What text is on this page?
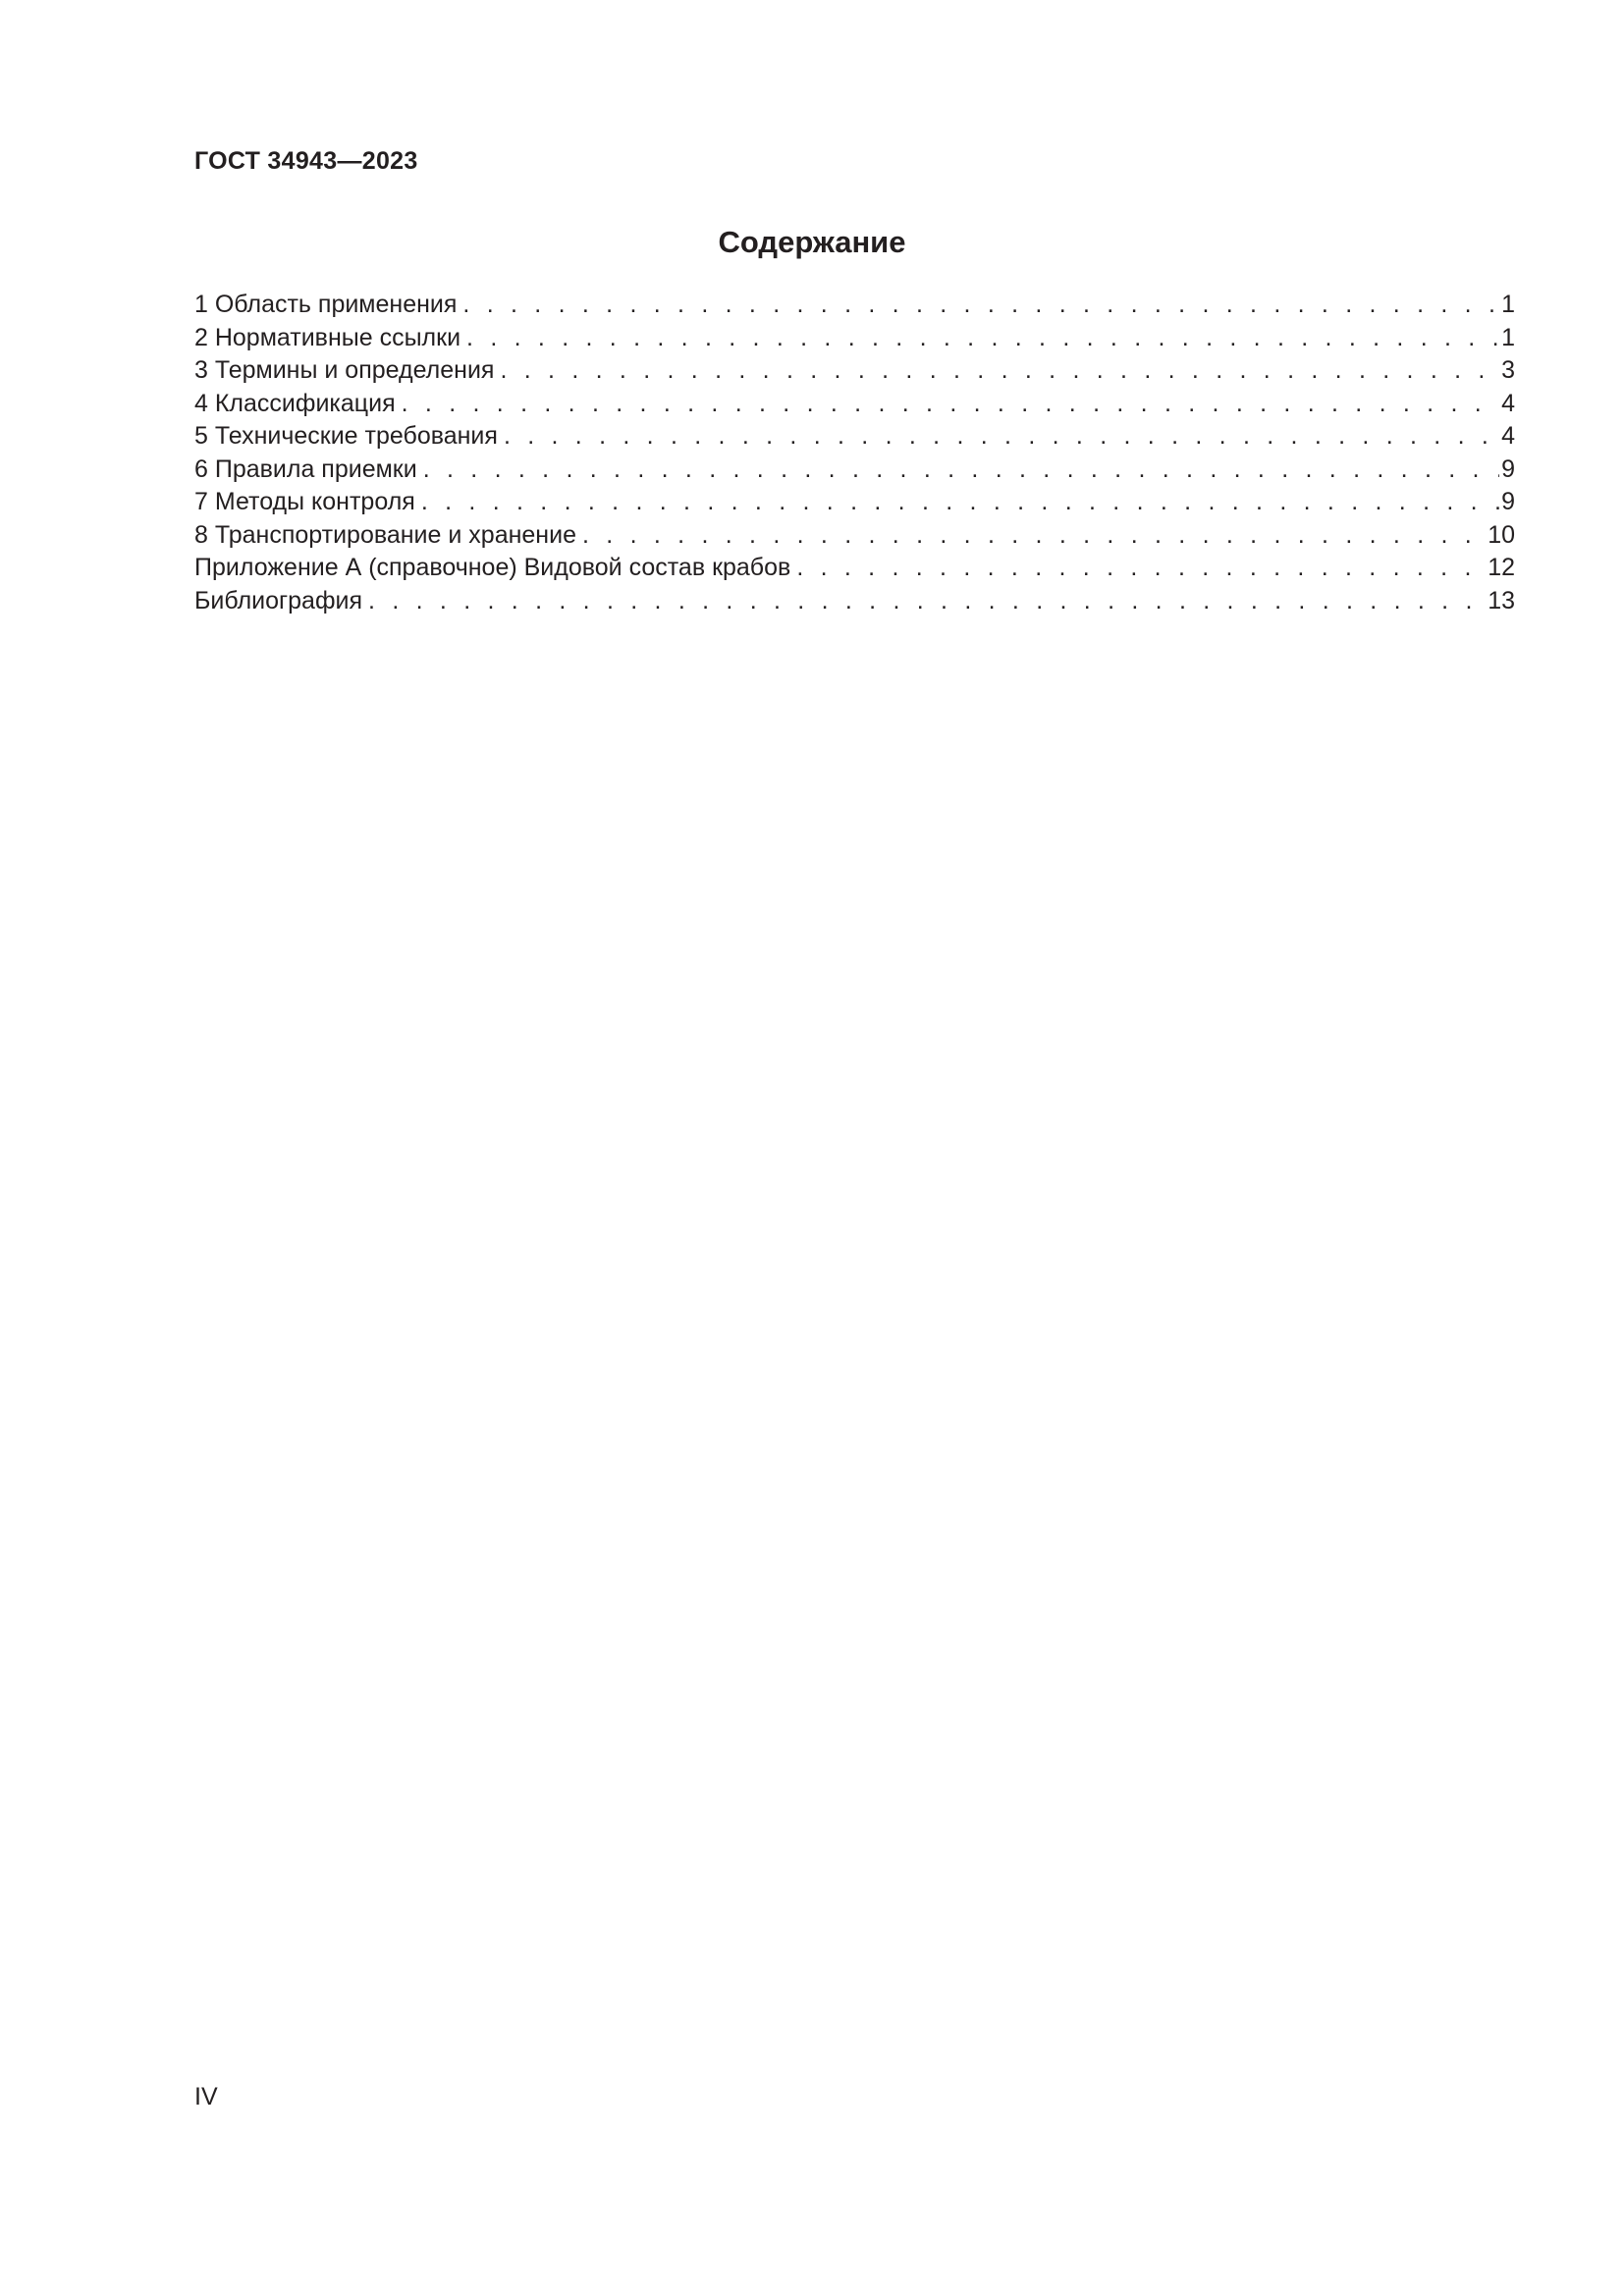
ГОСТ 34943—2023
Содержание
1 Область применения . . .	1
2 Нормативные ссылки . . .	1
3 Термины и определения . . .	3
4 Классификация . . .	4
5 Технические требования . . .	4
6 Правила приемки . . .	9
7 Методы контроля . . .	9
8 Транспортирование и хранение . . .	10
Приложение А (справочное) Видовой состав крабов . . .	12
Библиография . . .	13
IV
